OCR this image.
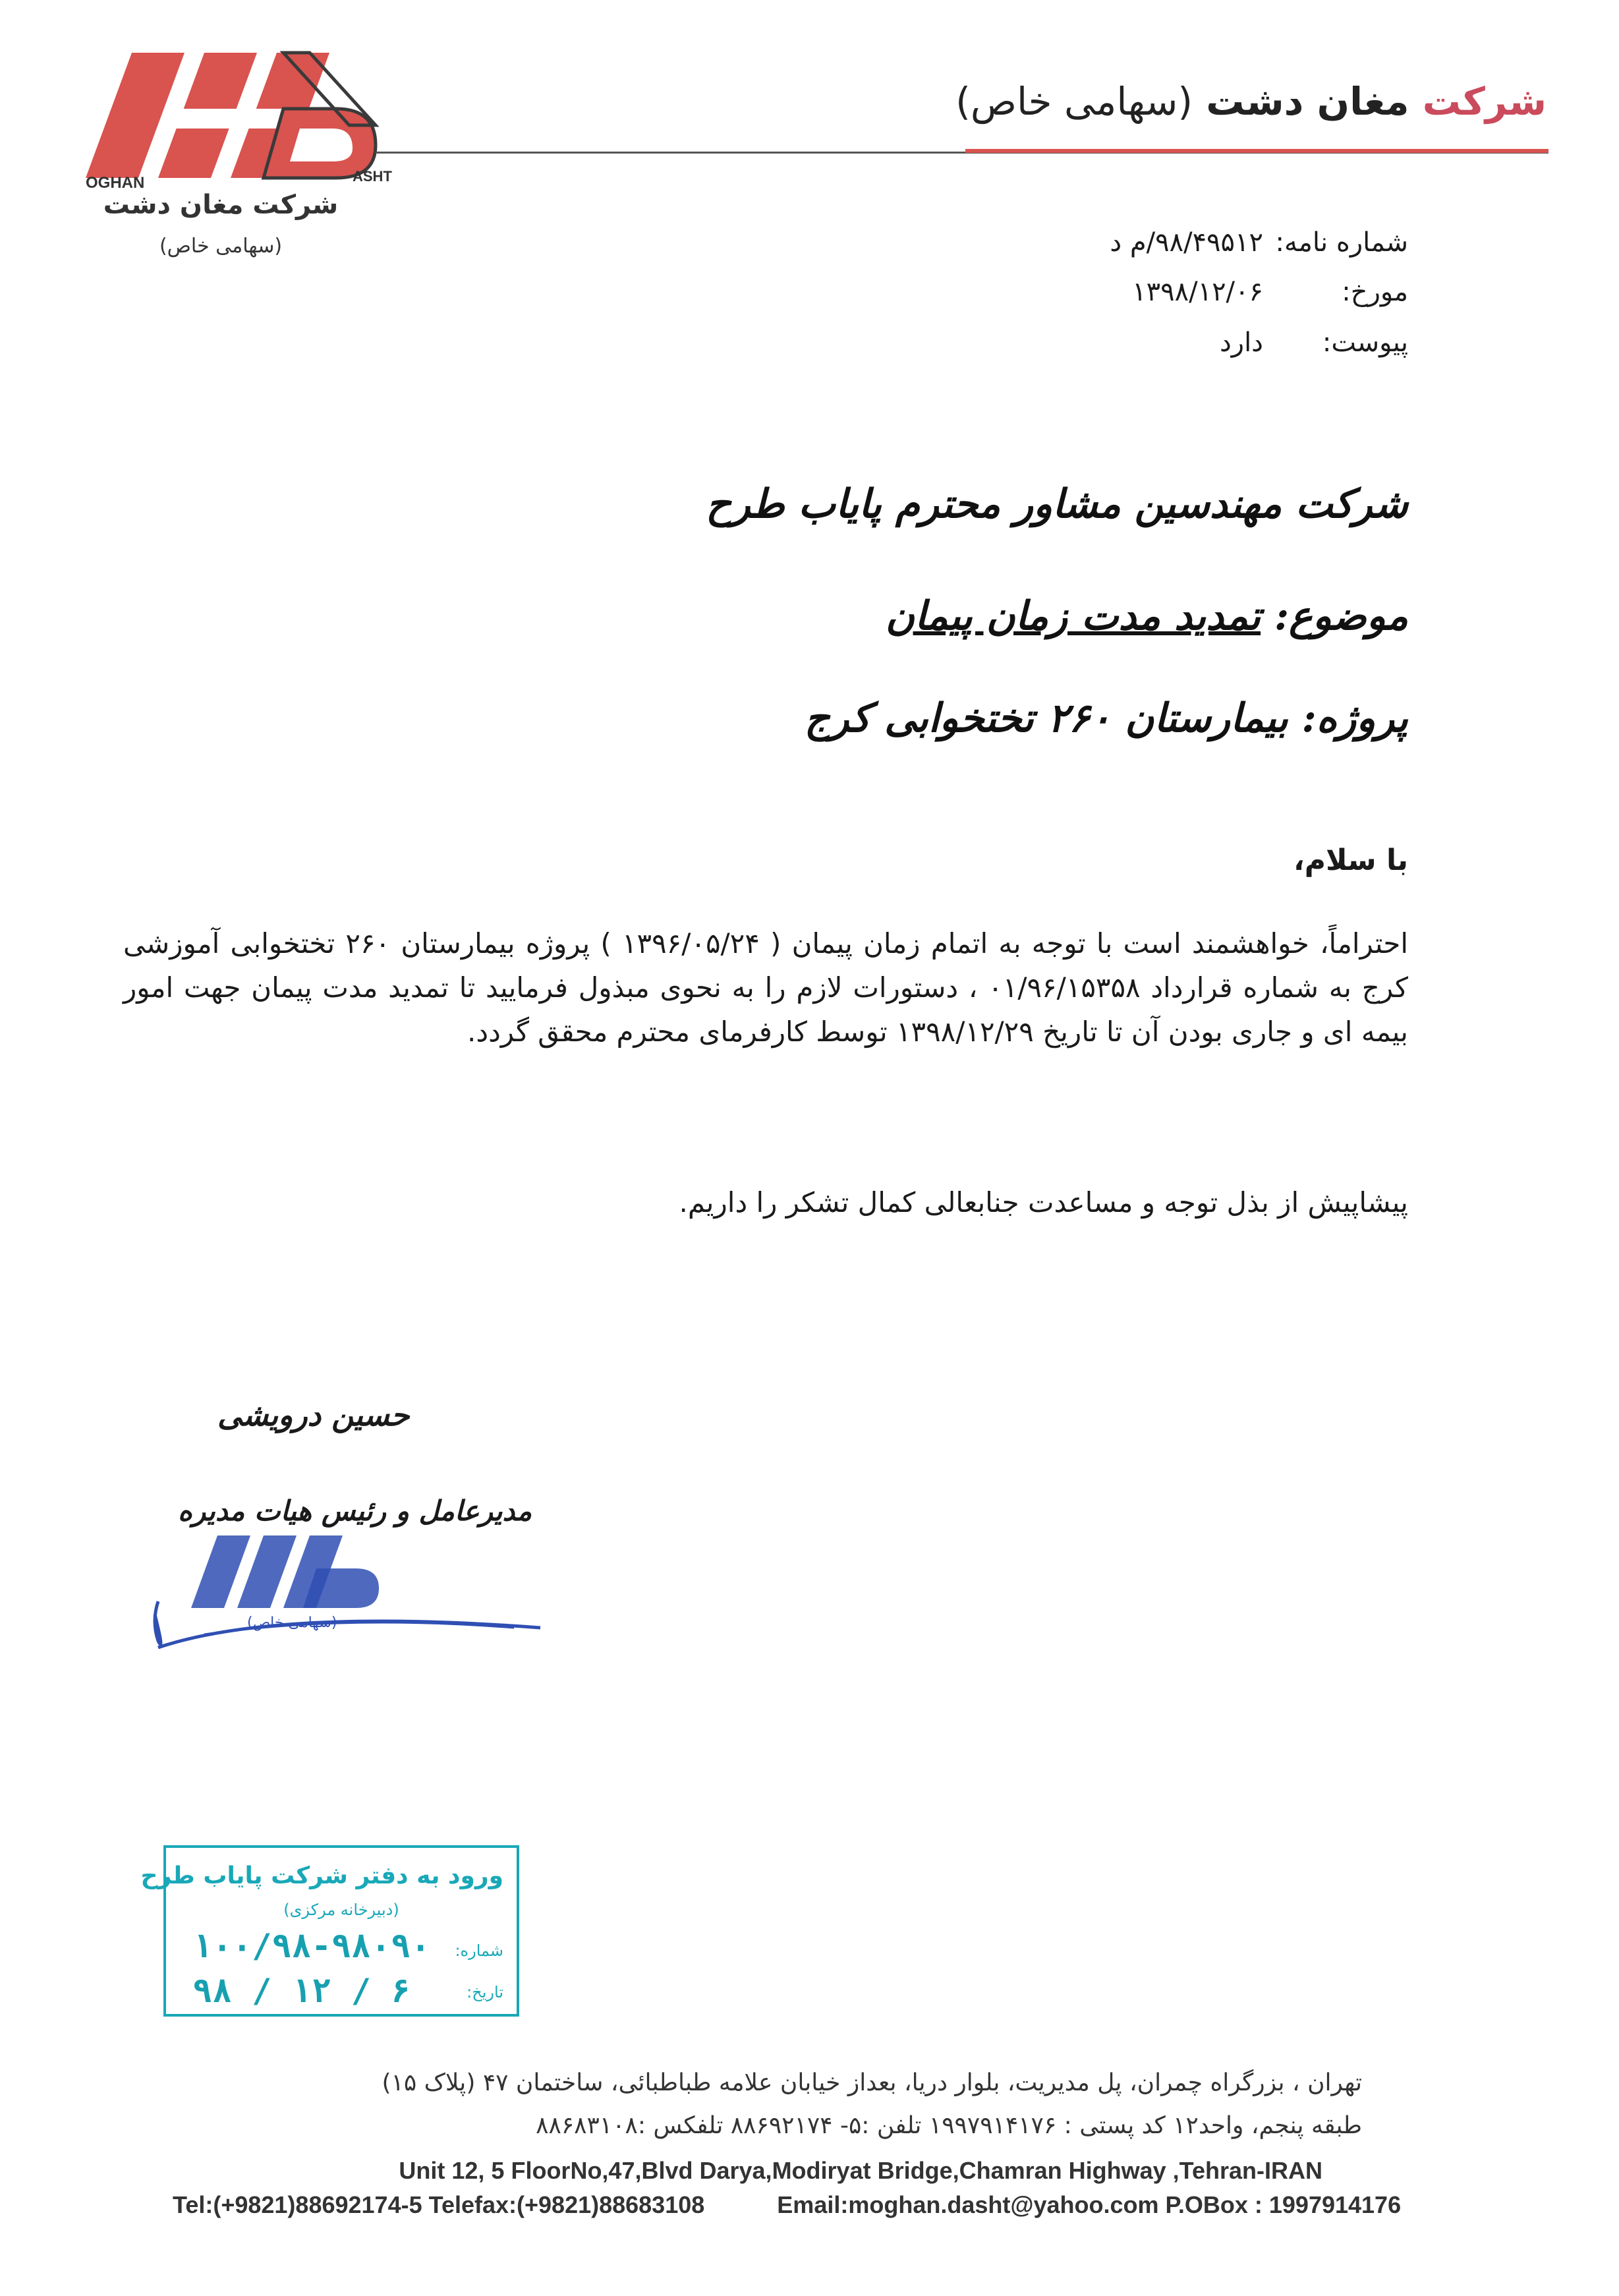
OGHAN	ASHT
شرکت مغان دشت
(سهامی خاص)
شرکت مغان دشت (سهامی خاص)
شماره نامه:۹۸/۴۹۵۱۲/م د
مورخ:۱۳۹۸/۱۲/۰۶
پیوست:دارد
شرکت مهندسین مشاور محترم پایاب طرح
موضوع: تمدید مدت زمان پیمان
پروژه: بیمارستان ۲۶۰ تختخوابی کرج
با سلام،
احتراماً، خواهشمند است با توجه به اتمام زمان پیمان ( ۱۳۹۶/۰۵/۲۴ ) پروژه بیمارستان ۲۶۰ تختخوابی آموزشی کرج به شماره قرارداد ۰۱/۹۶/۱۵۳۵۸ ، دستورات لازم را به نحوی مبذول فرمایید تا تمدید مدت پیمان جهت امور بیمه ای و جاری بودن آن تا تاریخ ۱۳۹۸/۱۲/۲۹ توسط کارفرمای محترم محقق گردد.
پیشاپیش از بذل توجه و مساعدت جنابعالی کمال تشکر را داریم.
حسین درویشی
مدیرعامل و رئیس هیات مدیره
(سهامی خاص)
ورود به دفتر شرکت پایاب طرح
(دبیرخانه مرکزی)
شماره:
۱۰۰/۹۸-۹۸۰۹۰
تاریخ:
۹۸ / ۱۲ / ۶
تهران ، بزرگراه چمران، پل مدیریت، بلوار دریا، بعداز خیابان علامه طباطبائی، ساختمان ۴۷ (پلاک ۱۵)
طبقه پنجم، واحد۱۲ کد پستی : ۱۹۹۷۹۱۴۱۷۶ تلفن :۵- ۸۸۶۹۲۱۷۴ تلفکس :۸۸۶۸۳۱۰۸
Unit 12, 5 FloorNo,47,Blvd Darya,Modiryat Bridge,Chamran Highway ,Tehran-IRAN
Tel:(+9821)88692174-5 Telefax:(+9821)88683108	Email:moghan.dasht@yahoo.com P.OBox : 1997914176
